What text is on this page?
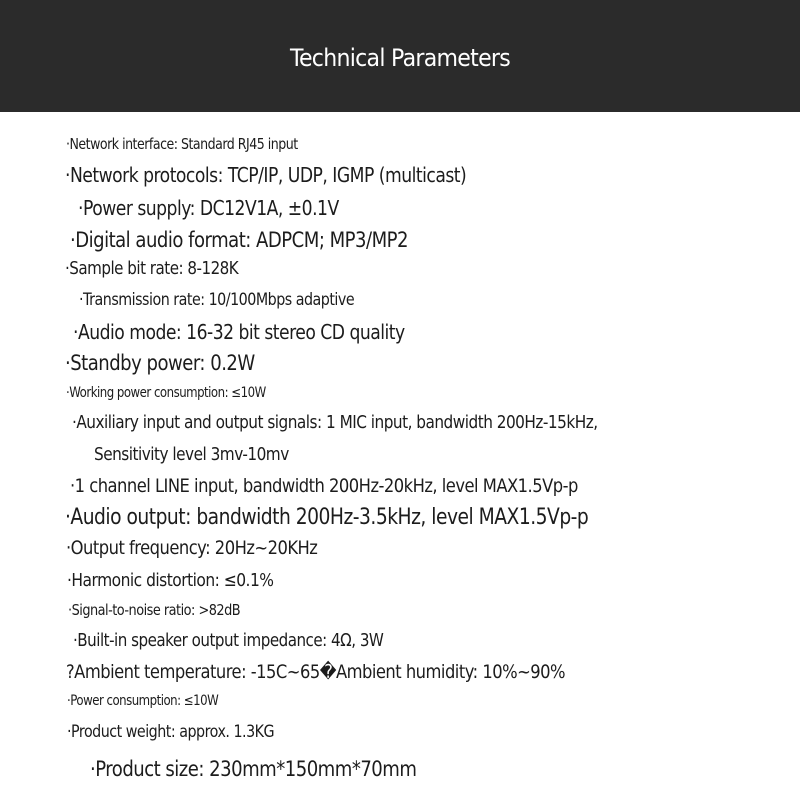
Technical Parameters
·Network interface: Standard RJ45 input
·Network protocols: TCP/IP, UDP, IGMP (multicast)
·Power supply: DC12V1A, ±0.1V
·Digital audio format: ADPCM; MP3/MP2
·Sample bit rate: 8-128K
·Transmission rate: 10/100Mbps adaptive
·Audio mode: 16-32 bit stereo CD quality
·Standby power: 0.2W
·Working power consumption: ≤10W
·Auxiliary input and output signals: 1 MIC input, bandwidth 200Hz-15kHz,
Sensitivity level 3mv-10mv
·1 channel LINE input, bandwidth 200Hz-20kHz, level MAX1.5Vp-p
·Audio output: bandwidth 200Hz-3.5kHz, level MAX1.5Vp-p
·Output frequency: 20Hz~20KHz
·Harmonic distortion: ≤0.1%
·Signal-to-noise ratio: >82dB
·Built-in speaker output impedance: 4Ω, 3W
?Ambient temperature: -15C~65�Ambient humidity: 10%~90%
·Power consumption: ≤10W
·Product weight: approx. 1.3KG
·Product size: 230mm*150mm*70mm
